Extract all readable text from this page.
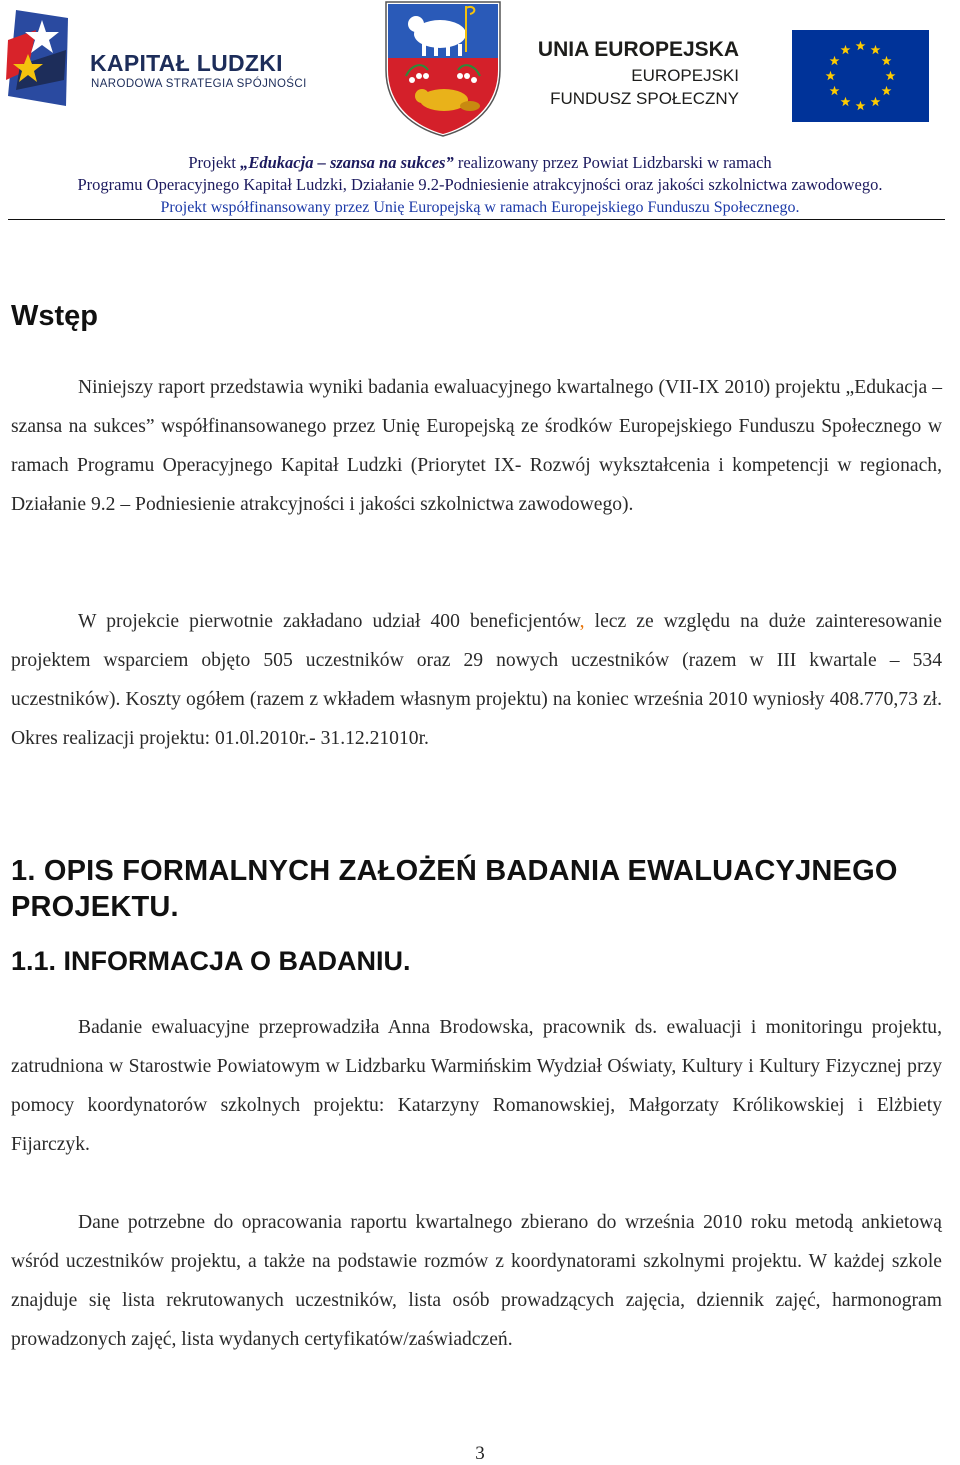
KAPITAŁ LUDZKI
NARODOWA STRATEGIA SPÓJNOŚCI
UNIA EUROPEJSKA
EUROPEJSKI
FUNDUSZ SPOŁECZNY
Projekt „Edukacja – szansa na sukces” realizowany przez Powiat Lidzbarski w ramach
Programu Operacyjnego Kapitał Ludzki, Działanie 9.2-Podniesienie atrakcyjności oraz jakości szkolnictwa zawodowego.
Projekt współfinansowany przez Unię Europejską w ramach Europejskiego Funduszu Społecznego.
Wstęp
Niniejszy raport przedstawia wyniki badania ewaluacyjnego kwartalnego (VII-IX 2010) projektu „Edukacja – szansa na sukces” współfinansowanego przez Unię Europejską ze środków Europejskiego Funduszu Społecznego w ramach Programu Operacyjnego Kapitał Ludzki (Priorytet IX- Rozwój wykształcenia i kompetencji w regionach, Działanie 9.2 – Podniesienie atrakcyjności i jakości szkolnictwa zawodowego).
W projekcie pierwotnie zakładano udział 400 beneficjentów, lecz ze względu na duże zainteresowanie projektem wsparciem objęto 505 uczestników oraz 29 nowych uczestników (razem w III kwartale – 534 uczestników). Koszty ogółem (razem z wkładem własnym projektu) na koniec września 2010 wyniosły 408.770,73 zł. Okres realizacji projektu: 01.0l.2010r.- 31.12.21010r.
1. OPIS FORMALNYCH ZAŁOŻEŃ BADANIA EWALUACYJNEGO PROJEKTU.
1.1. INFORMACJA O BADANIU.
Badanie ewaluacyjne przeprowadziła Anna Brodowska, pracownik ds. ewaluacji i monitoringu projektu, zatrudniona w Starostwie Powiatowym w Lidzbarku Warmińskim Wydział Oświaty, Kultury i Kultury Fizycznej przy pomocy koordynatorów szkolnych projektu: Katarzyny Romanowskiej, Małgorzaty Królikowskiej i Elżbiety Fijarczyk.
Dane potrzebne do opracowania raportu kwartalnego zbierano do września 2010 roku metodą ankietową wśród uczestników projektu, a także na podstawie rozmów z koordynatorami szkolnymi projektu. W każdej szkole znajduje się lista rekrutowanych uczestników, lista osób prowadzących zajęcia, dziennik zajęć, harmonogram prowadzonych zajęć, lista wydanych certyfikatów/zaświadczeń.
3
